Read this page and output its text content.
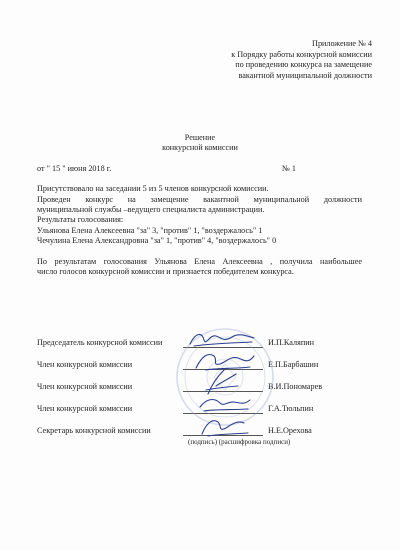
Приложение № 4
к Порядку работы конкурсной комиссии
по проведению конкурса на замещение
вакантной муниципальной должности
Решение
конкурсной комиссии
от " 15 " июня 2018 г.	№ 1
Присутствовало на заседании 5 из 5 членов конкурсной комиссии.
Проведен конкурс на замещение вакантной муниципальной должности
муниципальной службы –ведущего специалиста администрации.
Результаты голосования:
Ульянова Елена Алексеевна "за" 3, "против" 1, "воздержалось" 1
Чечулина Елена Александровна "за" 1, "против" 4, "воздержалось" 0
По результатам голосования Ульянова Елена Алексеевна , получила наибольшее
число голосов конкурсной комиссии и признается победителем конкурса.
Председатель конкурсной комиссии	И.П.Каляпин
Член конкурсной комиссии	Е.П.Барбашин
Член конкурсной комиссии	В.И.Пономарев
Член конкурсной комиссии	Г.А.Тюльпин
Секретарь конкурсной комиссии	Н.Е.Орехова
(подпись) (расшифровка подписи)
